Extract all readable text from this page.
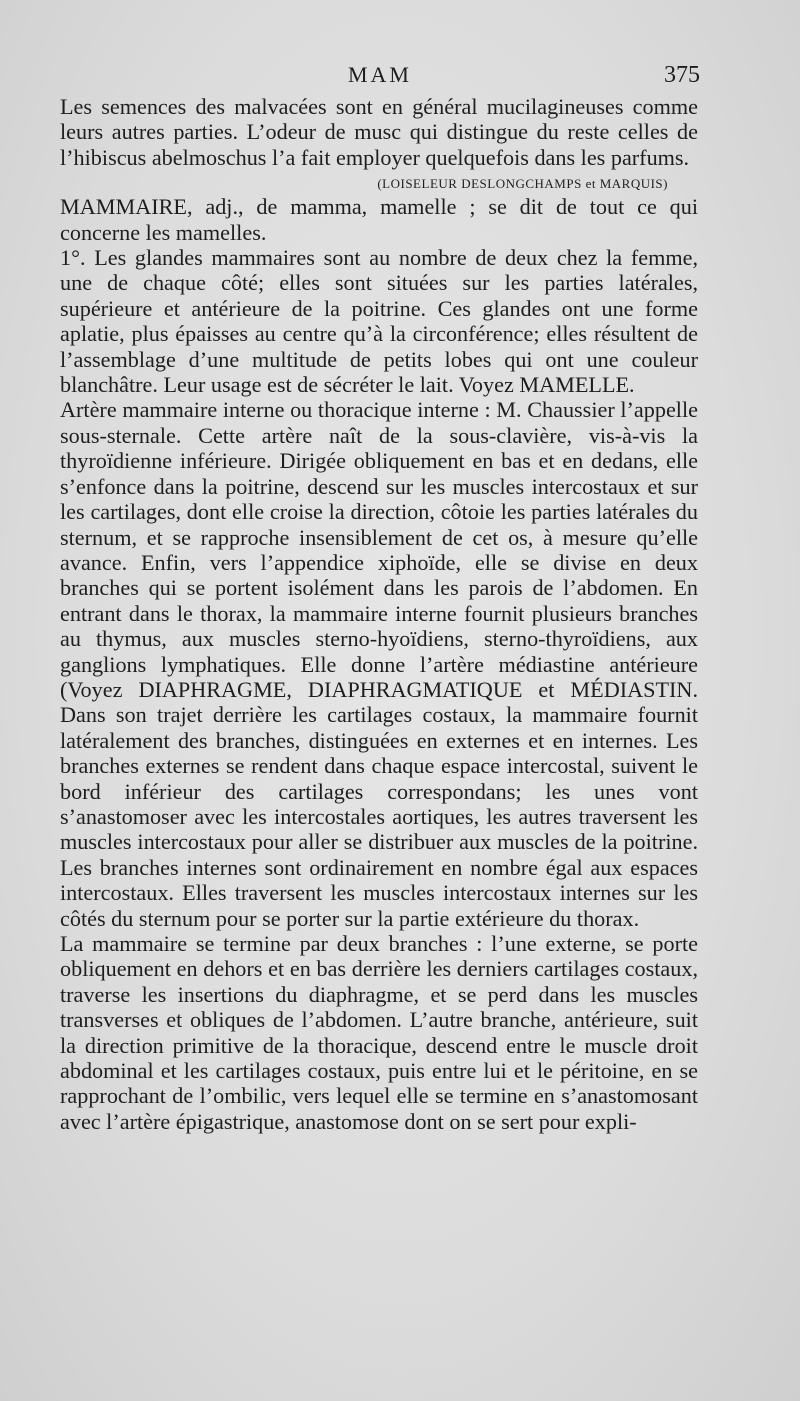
MAM	375

Les semences des malvacées sont en général mucilagineuses comme leurs autres parties. L’odeur de musc qui distingue du reste celles de l’hibiscus abelmoschus l’a fait employer quelquefois dans les parfums.

(LOISELEUR DESLONGCHAMPS et MARQUIS)

MAMMAIRE, adj., de mamma, mamelle ; se dit de tout ce qui concerne les mamelles.

1°. Les glandes mammaires sont au nombre de deux chez la femme, une de chaque côté; elles sont situées sur les parties latérales, supérieure et antérieure de la poitrine. Ces glandes ont une forme aplatie, plus épaisses au centre qu’à la circonférence; elles résultent de l’assemblage d’une multitude de petits lobes qui ont une couleur blanchâtre. Leur usage est de sécréter le lait. Voyez MAMELLE.

Artère mammaire interne ou thoracique interne : M. Chaussier l’appelle sous-sternale. Cette artère naît de la sous-clavière, vis-à-vis la thyroïdienne inférieure. Dirigée obliquement en bas et en dedans, elle s’enfonce dans la poitrine, descend sur les muscles intercostaux et sur les cartilages, dont elle croise la direction, côtoie les parties latérales du sternum, et se rapproche insensiblement de cet os, à mesure qu’elle avance. Enfin, vers l’appendice xiphoïde, elle se divise en deux branches qui se portent isolément dans les parois de l’abdomen. En entrant dans le thorax, la mammaire interne fournit plusieurs branches au thymus, aux muscles sterno-hyoïdiens, sterno-thyroïdiens, aux ganglions lymphatiques. Elle donne l’artère médiastine antérieure (Voyez DIAPHRAGME, DIAPHRAGMATIQUE et MÉDIASTIN. Dans son trajet derrière les cartilages costaux, la mammaire fournit latéralement des branches, distinguées en externes et en internes. Les branches externes se rendent dans chaque espace intercostal, suivent le bord inférieur des cartilages correspondans; les unes vont s’anastomoser avec les intercostales aortiques, les autres traversent les muscles intercostaux pour aller se distribuer aux muscles de la poitrine. Les branches internes sont ordinairement en nombre égal aux espaces intercostaux. Elles traversent les muscles intercostaux internes sur les côtés du sternum pour se porter sur la partie extérieure du thorax.

La mammaire se termine par deux branches : l’une externe, se porte obliquement en dehors et en bas derrière les derniers cartilages costaux, traverse les insertions du diaphragme, et se perd dans les muscles transverses et obliques de l’abdomen. L’autre branche, antérieure, suit la direction primitive de la thoracique, descend entre le muscle droit abdominal et les cartilages costaux, puis entre lui et le péritoine, en se rapprochant de l’ombilic, vers lequel elle se termine en s’anastomosant avec l’artère épigastrique, anastomose dont on se sert pour expli-
